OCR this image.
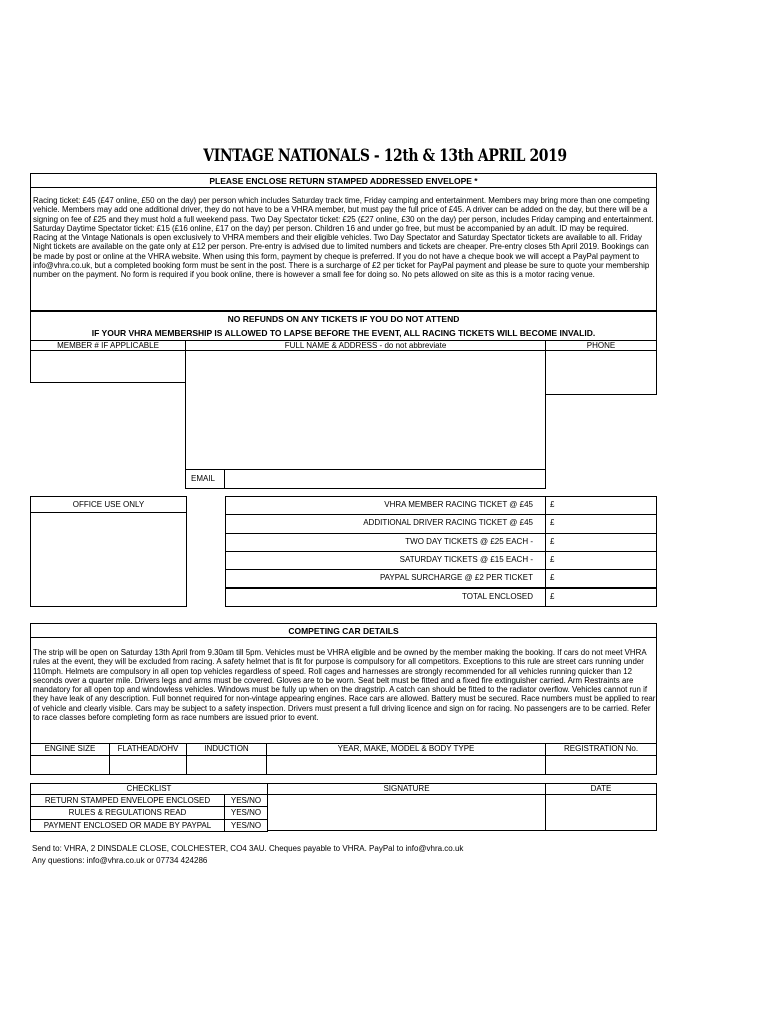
VINTAGE NATIONALS - 12th & 13th APRIL 2019
PLEASE ENCLOSE RETURN STAMPED ADDRESSED ENVELOPE *
Racing ticket: £45 (£47 online, £50 on the day) per person which includes Saturday track time, Friday camping and entertainment. Members may bring more than one competing vehicle. Members may add one additional driver, they do not have to be a VHRA member, but must pay the full price of £45. A driver can be added on the day, but there will be a signing on fee of £25 and they must hold a full weekend pass. Two Day Spectator ticket: £25 (£27 online, £30 on the day) per person, includes Friday camping and entertainment. Saturday Daytime Spectator ticket: £15 (£16 online, £17 on the day) per person. Children 16 and under go free, but must be accompanied by an adult. ID may be required. Racing at the Vintage Nationals is open exclusively to VHRA members and their eligible vehicles. Two Day Spectator and Saturday Spectator tickets are available to all. Friday Night tickets are available on the gate only at £12 per person. Pre-entry is advised due to limited numbers and tickets are cheaper. Pre-entry closes 5th April 2019. Bookings can be made by post or online at the VHRA website. When using this form, payment by cheque is preferred. If you do not have a cheque book we will accept a PayPal payment to info@vhra.co.uk, but a completed booking form must be sent in the post. There is a surcharge of £2 per ticket for PayPal payment and please be sure to quote your membership number on the payment. No form is required if you book online, there is however a small fee for doing so. No pets allowed on site as this is a motor racing venue.
NO REFUNDS ON ANY TICKETS IF YOU DO NOT ATTEND
IF YOUR VHRA MEMBERSHIP IS ALLOWED TO LAPSE BEFORE THE EVENT, ALL RACING TICKETS WILL BECOME INVALID.
MEMBER # IF APPLICABLE	FULL NAME & ADDRESS - do not abbreviate	PHONE
EMAIL
OFFICE USE ONLY	VHRA MEMBER RACING TICKET @ £45	£
ADDITIONAL DRIVER RACING TICKET @ £45	£
TWO DAY TICKETS @ £25 EACH -	£
SATURDAY TICKETS @ £15 EACH -	£
PAYPAL SURCHARGE @ £2 PER TICKET	£
TOTAL ENCLOSED	£
COMPETING CAR DETAILS
The strip will be open on Saturday 13th April from 9.30am till 5pm. Vehicles must be VHRA eligible and be owned by the member making the booking. If cars do not meet VHRA rules at the event, they will be excluded from racing. A safety helmet that is fit for purpose is compulsory for all competitors. Exceptions to this rule are street cars running under 110mph. Helmets are compulsory in all open top vehicles regardless of speed. Roll cages and harnesses are strongly recommended for all vehicles running quicker than 12 seconds over a quarter mile. Drivers legs and arms must be covered. Gloves are to be worn. Seat belt must be fitted and a fixed fire extinguisher carried. Arm Restraints are mandatory for all open top and windowless vehicles. Windows must be fully up when on the dragstrip. A catch can should be fitted to the radiator overflow. Vehicles cannot run if they have leak of any description. Full bonnet required for non-vintage appearing engines. Race cars are allowed. Battery must be secured. Race numbers must be applied to rear of vehicle and clearly visible. Cars may be subject to a safety inspection. Drivers must present a full driving licence and sign on for racing. No passengers are to be carried. Refer to race classes before completing form as race numbers are issued prior to event.
ENGINE SIZE	FLATHEAD/OHV	INDUCTION	YEAR, MAKE, MODEL & BODY TYPE	REGISTRATION No.
CHECKLIST
RETURN STAMPED ENVELOPE ENCLOSED	YES/NO
RULES & REGULATIONS READ	YES/NO
PAYMENT ENCLOSED OR MADE BY PAYPAL	YES/NO
SIGNATURE	DATE
Send to: VHRA, 2 DINSDALE CLOSE, COLCHESTER, CO4 3AU. Cheques payable to VHRA. PayPal to info@vhra.co.uk
Any questions: info@vhra.co.uk or 07734 424286
